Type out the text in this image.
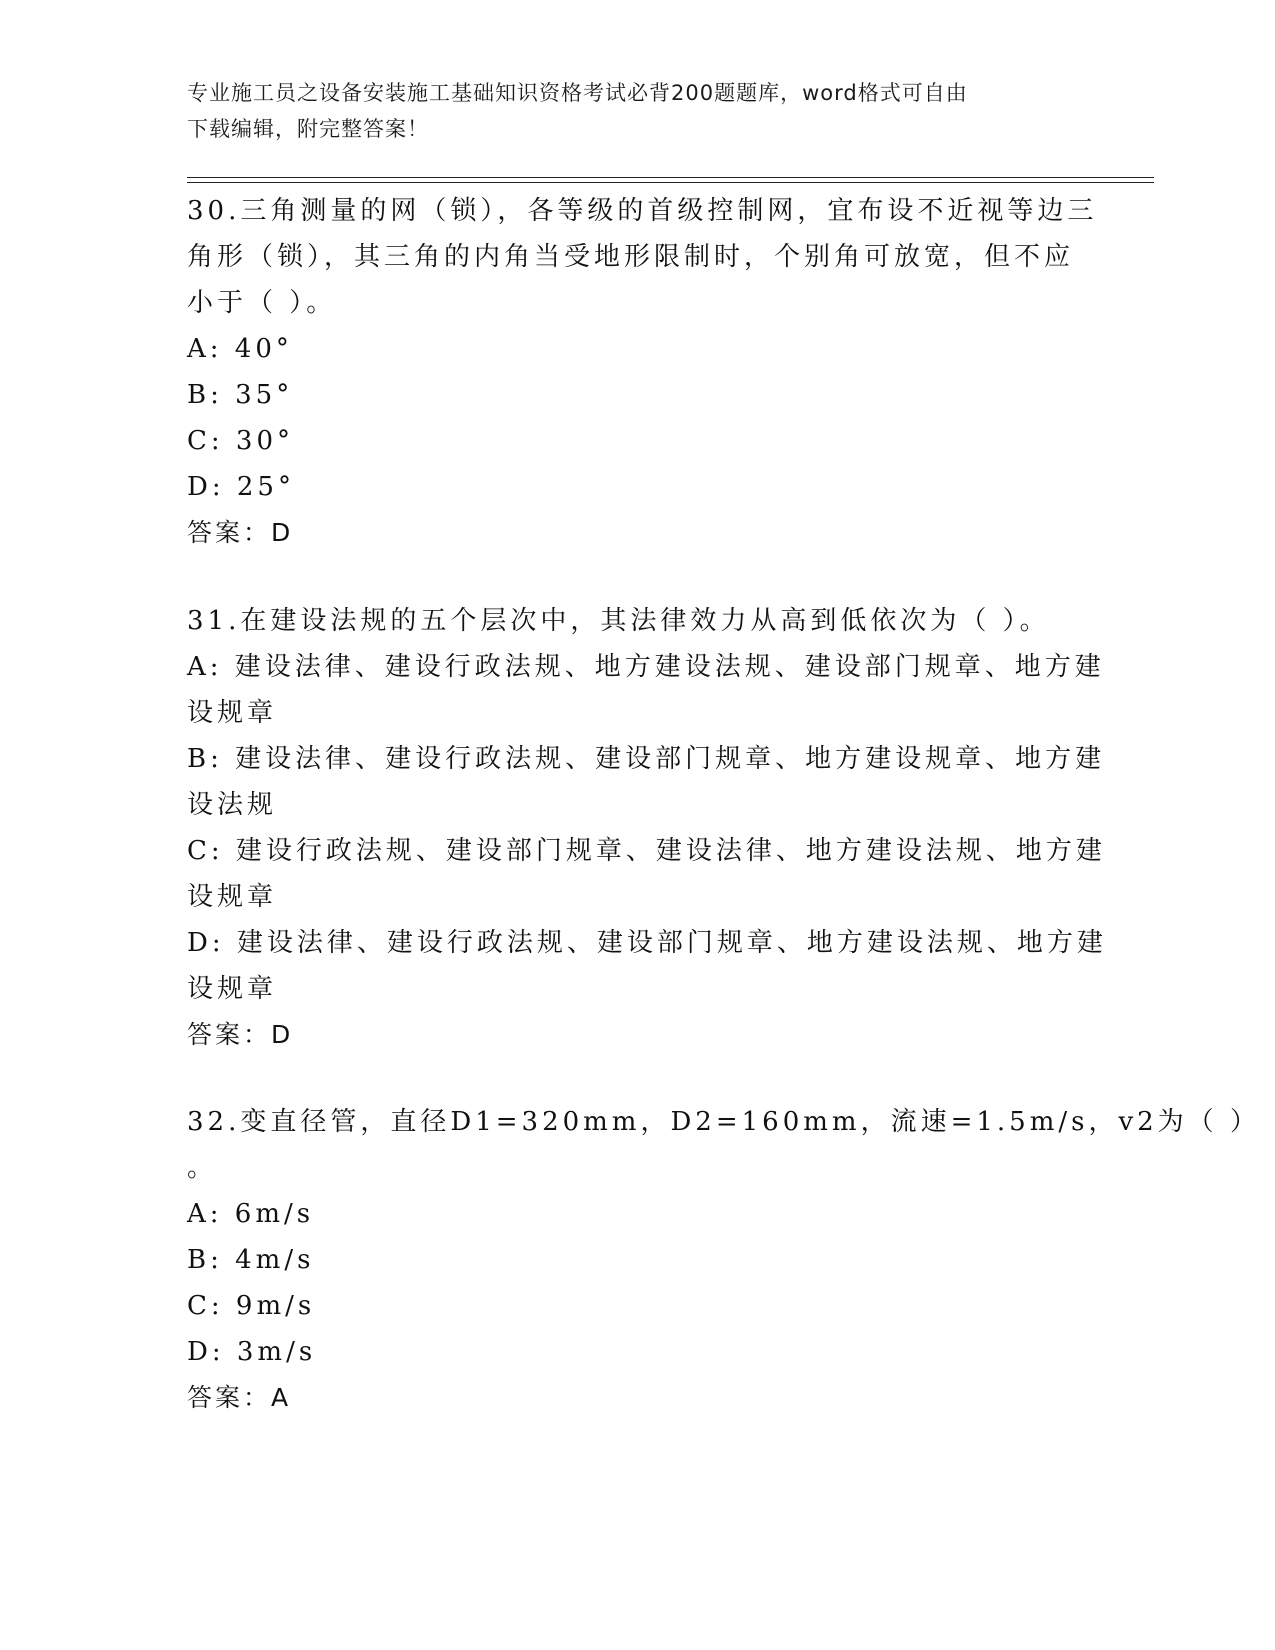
专业施工员之设备安装施工基础知识资格考试必背200题题库，word格式可自由
下载编辑，附完整答案！
30.三角测量的网（锁），各等级的首级控制网，宜布设不近视等边三
角形（锁），其三角的内角当受地形限制时，个别角可放宽，但不应
小于（ ）。
A: 40°
B: 35°
C: 30°
D: 25°
答案：D
31.在建设法规的五个层次中，其法律效力从高到低依次为（ ）。
A: 建设法律、建设行政法规、地方建设法规、建设部门规章、地方建
设规章
B: 建设法律、建设行政法规、建设部门规章、地方建设规章、地方建
设法规
C: 建设行政法规、建设部门规章、建设法律、地方建设法规、地方建
设规章
D: 建设法律、建设行政法规、建设部门规章、地方建设法规、地方建
设规章
答案：D
32.变直径管，直径D1=320mm，D2=160mm，流速=1.5m/s，v2为（ ）
。
A: 6m/s
B: 4m/s
C: 9m/s
D: 3m/s
答案：A
